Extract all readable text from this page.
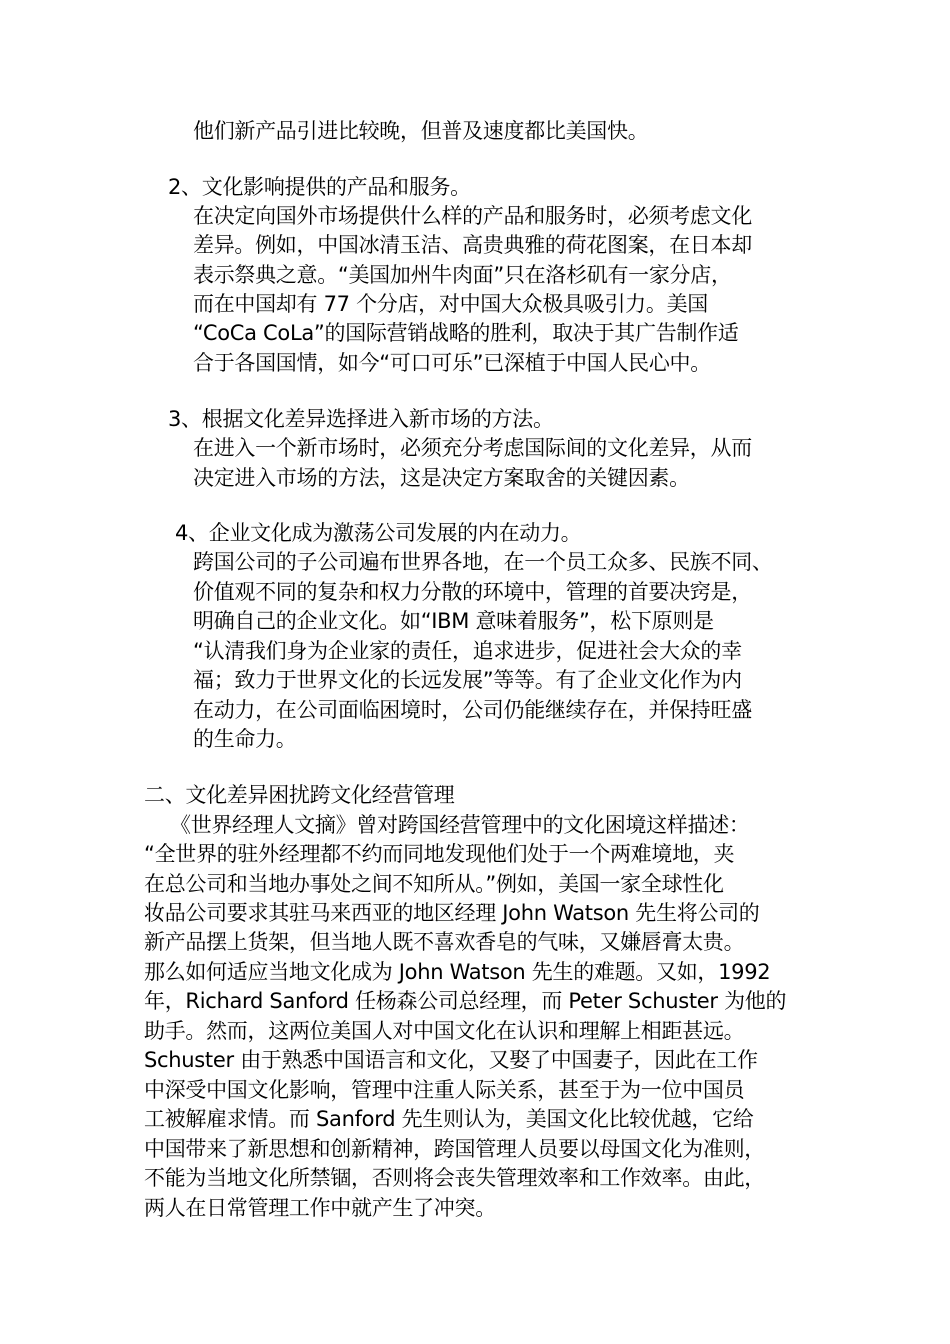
他们新产品引进比较晚，但普及速度都比美国快。
2、文化影响提供的产品和服务。
在决定向国外市场提供什么样的产品和服务时，必须考虑文化
差异。例如，中国冰清玉洁、高贵典雅的荷花图案，在日本却
表示祭典之意。“美国加州牛肉面”只在洛杉矶有一家分店，
而在中国却有 77 个分店，对中国大众极具吸引力。美国
“CoCa CoLa”的国际营销战略的胜利，取决于其广告制作适
合于各国国情，如今“可口可乐”已深植于中国人民心中。
3、根据文化差异选择进入新市场的方法。
在进入一个新市场时，必须充分考虑国际间的文化差异，从而
决定进入市场的方法，这是决定方案取舍的关键因素。
4、企业文化成为激荡公司发展的内在动力。
跨国公司的子公司遍布世界各地，在一个员工众多、民族不同、
价值观不同的复杂和权力分散的环境中，管理的首要决窍是，
明确自己的企业文化。如“IBM 意味着服务”，松下原则是
“认清我们身为企业家的责任，追求进步，促进社会大众的幸
福；致力于世界文化的长远发展”等等。有了企业文化作为内
在动力，在公司面临困境时，公司仍能继续存在，并保持旺盛
的生命力。
二、文化差异困扰跨文化经营管理
《世界经理人文摘》曾对跨国经营管理中的文化困境这样描述：
“全世界的驻外经理都不约而同地发现他们处于一个两难境地，夹
在总公司和当地办事处之间不知所从。”例如，美国一家全球性化
妆品公司要求其驻马来西亚的地区经理 John Watson 先生将公司的
新产品摆上货架，但当地人既不喜欢香皂的气味，又嫌唇膏太贵。
那么如何适应当地文化成为 John Watson 先生的难题。又如，1992
年，Richard Sanford 任杨森公司总经理，而 Peter Schuster 为他的
助手。然而，这两位美国人对中国文化在认识和理解上相距甚远。
Schuster 由于熟悉中国语言和文化，又娶了中国妻子，因此在工作
中深受中国文化影响，管理中注重人际关系，甚至于为一位中国员
工被解雇求情。而 Sanford 先生则认为，美国文化比较优越，它给
中国带来了新思想和创新精神，跨国管理人员要以母国文化为准则，
不能为当地文化所禁锢，否则将会丧失管理效率和工作效率。由此，
两人在日常管理工作中就产生了冲突。
